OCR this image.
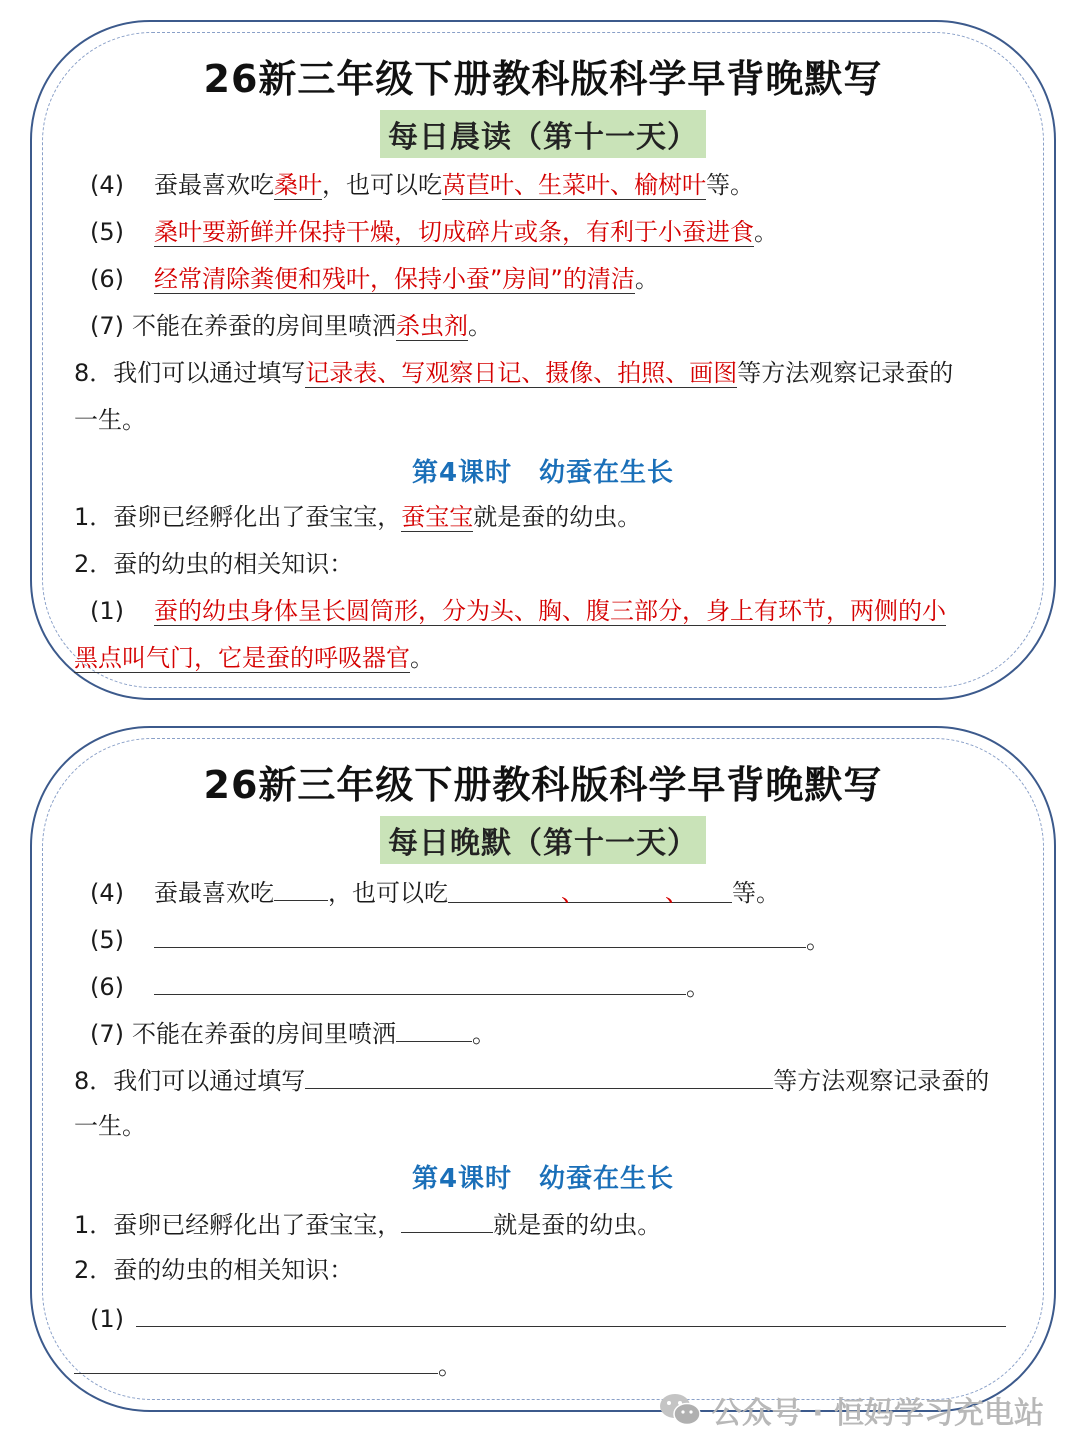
26新三年级下册教科版科学早背晚默写
每日晨读（第十一天）
(4) 蚕最喜欢吃桑叶，也可以吃莴苣叶、生菜叶、榆树叶等。
(5) 桑叶要新鲜并保持干燥，切成碎片或条，有利于小蚕进食。
(6) 经常清除粪便和残叶，保持小蚕”房间”的清洁。
(7) 不能在养蚕的房间里喷洒杀虫剂。
8．我们可以通过填写记录表、写观察日记、摄像、拍照、画图等方法观察记录蚕的
一生。
第4课时　幼蚕在生长
1．蚕卵已经孵化出了蚕宝宝，蚕宝宝就是蚕的幼虫。
2．蚕的幼虫的相关知识：
(1) 蚕的幼虫身体呈长圆筒形，分为头、胸、腹三部分，身上有环节，两侧的小
黑点叫气门，它是蚕的呼吸器官。
26新三年级下册教科版科学早背晚默写
每日晚默（第十一天）
(4) 蚕最喜欢吃 ，也可以吃	、	、 等。
(5)	。
(6)	。
(7) 不能在养蚕的房间里喷洒	。
8．我们可以通过填写	等方法观察记录蚕的
一生。
第4课时　幼蚕在生长
1．蚕卵已经孵化出了蚕宝宝，	就是蚕的幼虫。
2．蚕的幼虫的相关知识：
(1)
。
公众号 · 恒妈学习充电站
